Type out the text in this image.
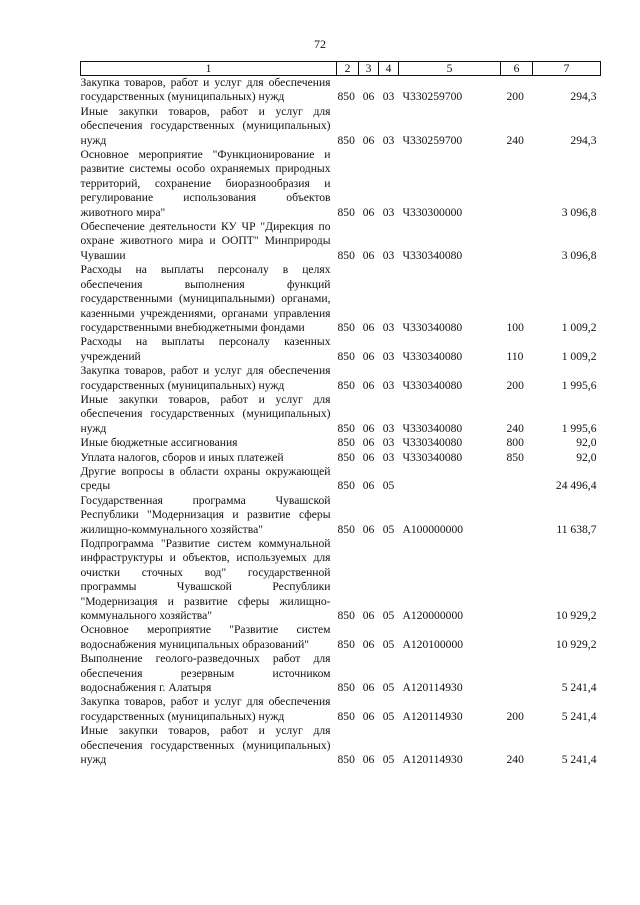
72
1	2	3	4	5	6	7
Закупка товаров, работ и услуг для обеспечения государственных (муниципальных) нужд	850	06	03	Ч330259700	200	294,3
Иные закупки товаров, работ и услуг для обеспечения государственных (муниципальных) нужд	850	06	03	Ч330259700	240	294,3
Основное мероприятие "Функционирование и развитие системы особо охраняемых природных территорий, сохранение биоразнообразия и регулирование использования объектов животного мира"	850	06	03	Ч330300000		3 096,8
Обеспечение деятельности КУ ЧР "Дирекция по охране животного мира и ООПТ" Минприроды Чувашии	850	06	03	Ч330340080		3 096,8
Расходы на выплаты персоналу в целях обеспечения выполнения функций государственными (муниципальными) органами, казенными учреждениями, органами управления государственными внебюджетными фондами	850	06	03	Ч330340080	100	1 009,2
Расходы на выплаты персоналу казенных учреждений	850	06	03	Ч330340080	110	1 009,2
Закупка товаров, работ и услуг для обеспечения государственных (муниципальных) нужд	850	06	03	Ч330340080	200	1 995,6
Иные закупки товаров, работ и услуг для обеспечения государственных (муниципальных) нужд	850	06	03	Ч330340080	240	1 995,6
Иные бюджетные ассигнования	850	06	03	Ч330340080	800	92,0
Уплата налогов, сборов и иных платежей	850	06	03	Ч330340080	850	92,0
Другие вопросы в области охраны окружающей среды	850	06	05			24 496,4
Государственная программа Чувашской Республики "Модернизация и развитие сферы жилищно-коммунального хозяйства"	850	06	05	А100000000		11 638,7
Подпрограмма "Развитие систем коммунальной инфраструктуры и объектов, используемых для очистки сточных вод" государственной программы Чувашской Республики "Модернизация и развитие сферы жилищно-коммунального хозяйства"	850	06	05	А120000000		10 929,2
Основное мероприятие "Развитие систем водоснабжения муниципальных образований"	850	06	05	А120100000		10 929,2
Выполнение геолого-разведочных работ для обеспечения резервным источником водоснабжения г. Алатыря	850	06	05	А120114930		5 241,4
Закупка товаров, работ и услуг для обеспечения государственных (муниципальных) нужд	850	06	05	А120114930	200	5 241,4
Иные закупки товаров, работ и услуг для обеспечения государственных (муниципальных) нужд	850	06	05	А120114930	240	5 241,4
